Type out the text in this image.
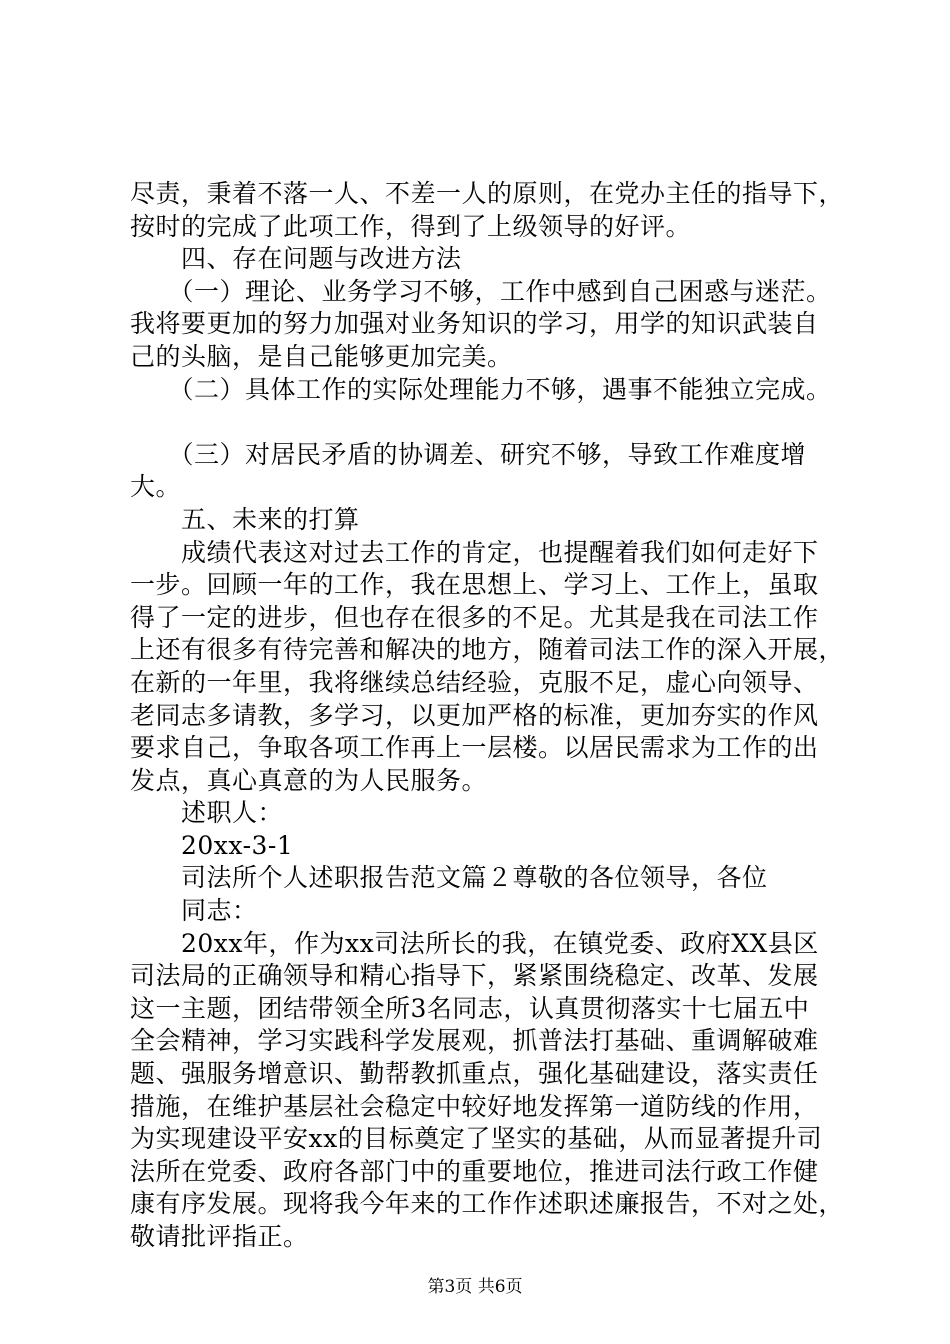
尽责，秉着不落一人、不差一人的原则，在党办主任的指导下，
按时的完成了此项工作，得到了上级领导的好评。
　　四、存在问题与改进方法
　　（一）理论、业务学习不够，工作中感到自己困惑与迷茫。
我将要更加的努力加强对业务知识的学习，用学的知识武装自
己的头脑，是自己能够更加完美。
　　（二）具体工作的实际处理能力不够，遇事不能独立完成。
　　（三）对居民矛盾的协调差、研究不够，导致工作难度增
大。
　　五、未来的打算
　　成绩代表这对过去工作的肯定，也提醒着我们如何走好下
一步。回顾一年的工作，我在思想上、学习上、工作上，虽取
得了一定的进步，但也存在很多的不足。尤其是我在司法工作
上还有很多有待完善和解决的地方，随着司法工作的深入开展，
在新的一年里，我将继续总结经验，克服不足，虚心向领导、
老同志多请教，多学习，以更加严格的标准，更加夯实的作风
要求自己，争取各项工作再上一层楼。以居民需求为工作的出
发点，真心真意的为人民服务。
　　述职人：
　　20xx-3-1
　　司法所个人述职报告范文篇２尊敬的各位领导，各位
　　同志：
　　20xx年，作为xx司法所长的我，在镇党委、政府XX县区
司法局的正确领导和精心指导下，紧紧围绕稳定、改革、发展
这一主题，团结带领全所3名同志，认真贯彻落实十七届五中
全会精神，学习实践科学发展观，抓普法打基础、重调解破难
题、强服务增意识、勤帮教抓重点，强化基础建设，落实责任
措施，在维护基层社会稳定中较好地发挥第一道防线的作用，
为实现建设平安xx的目标奠定了坚实的基础，从而显著提升司
法所在党委、政府各部门中的重要地位，推进司法行政工作健
康有序发展。现将我今年来的工作作述职述廉报告，不对之处，
敬请批评指正。
第3页 共6页
